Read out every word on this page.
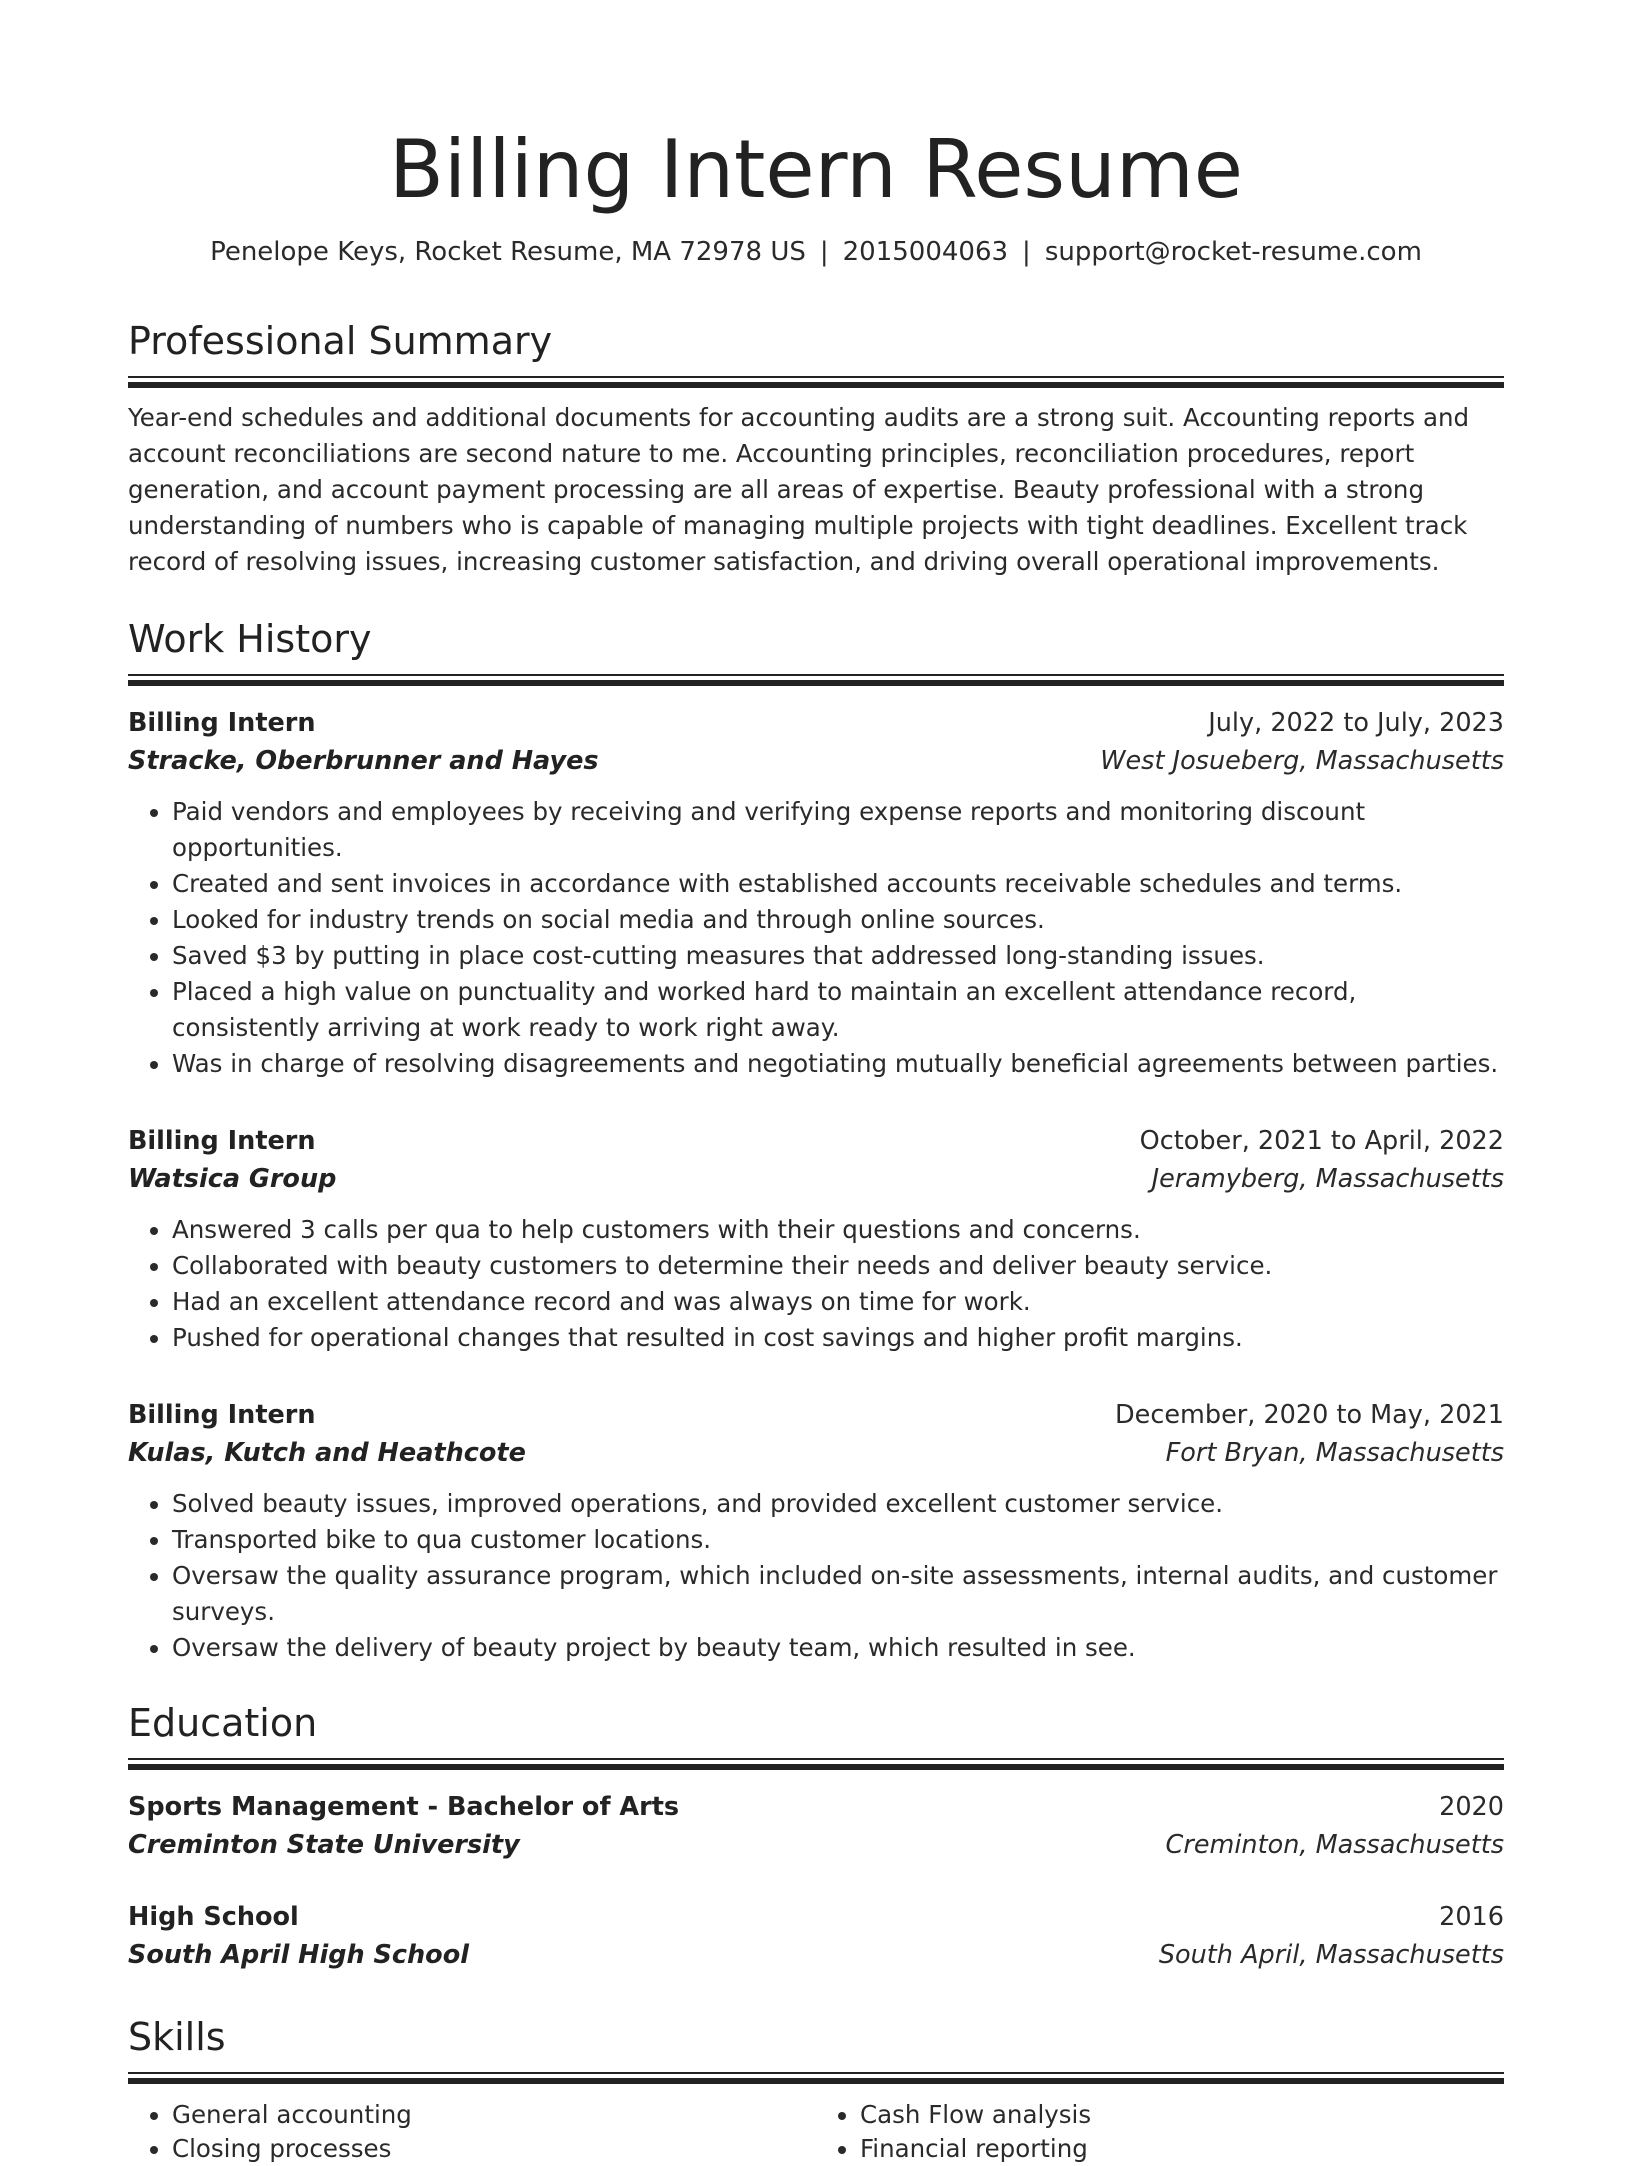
Billing Intern Resume
Penelope Keys, Rocket Resume, MA 72978 US | 2015004063 | support@rocket-resume.com
Professional Summary

Year-end schedules and additional documents for accounting audits are a strong suit. Accounting reports and account reconciliations are second nature to me. Accounting principles, reconciliation procedures, report generation, and account payment processing are all areas of expertise. Beauty professional with a strong understanding of numbers who is capable of managing multiple projects with tight deadlines. Excellent track record of resolving issues, increasing customer satisfaction, and driving overall operational improvements.

Work History
Billing Intern	July, 2022 to July, 2023
Stracke, Oberbrunner and Hayes	West Josueberg, Massachusetts
• Paid vendors and employees by receiving and verifying expense reports and monitoring discount opportunities.
• Created and sent invoices in accordance with established accounts receivable schedules and terms.
• Looked for industry trends on social media and through online sources.
• Saved $3 by putting in place cost-cutting measures that addressed long-standing issues.
• Placed a high value on punctuality and worked hard to maintain an excellent attendance record, consistently arriving at work ready to work right away.
• Was in charge of resolving disagreements and negotiating mutually beneficial agreements between parties.
Billing Intern	October, 2021 to April, 2022
Watsica Group	Jeramyberg, Massachusetts
• Answered 3 calls per qua to help customers with their questions and concerns.
• Collaborated with beauty customers to determine their needs and deliver beauty service.
• Had an excellent attendance record and was always on time for work.
• Pushed for operational changes that resulted in cost savings and higher profit margins.
Billing Intern	December, 2020 to May, 2021
Kulas, Kutch and Heathcote	Fort Bryan, Massachusetts
• Solved beauty issues, improved operations, and provided excellent customer service.
• Transported bike to qua customer locations.
• Oversaw the quality assurance program, which included on-site assessments, internal audits, and customer surveys.
• Oversaw the delivery of beauty project by beauty team, which resulted in see.
Education
Sports Management - Bachelor of Arts	2020
Creminton State University	Creminton, Massachusetts
High School	2016
South April High School	South April, Massachusetts
Skills
• General accounting
• Closing processes
• Cash Flow analysis
• Financial reporting
